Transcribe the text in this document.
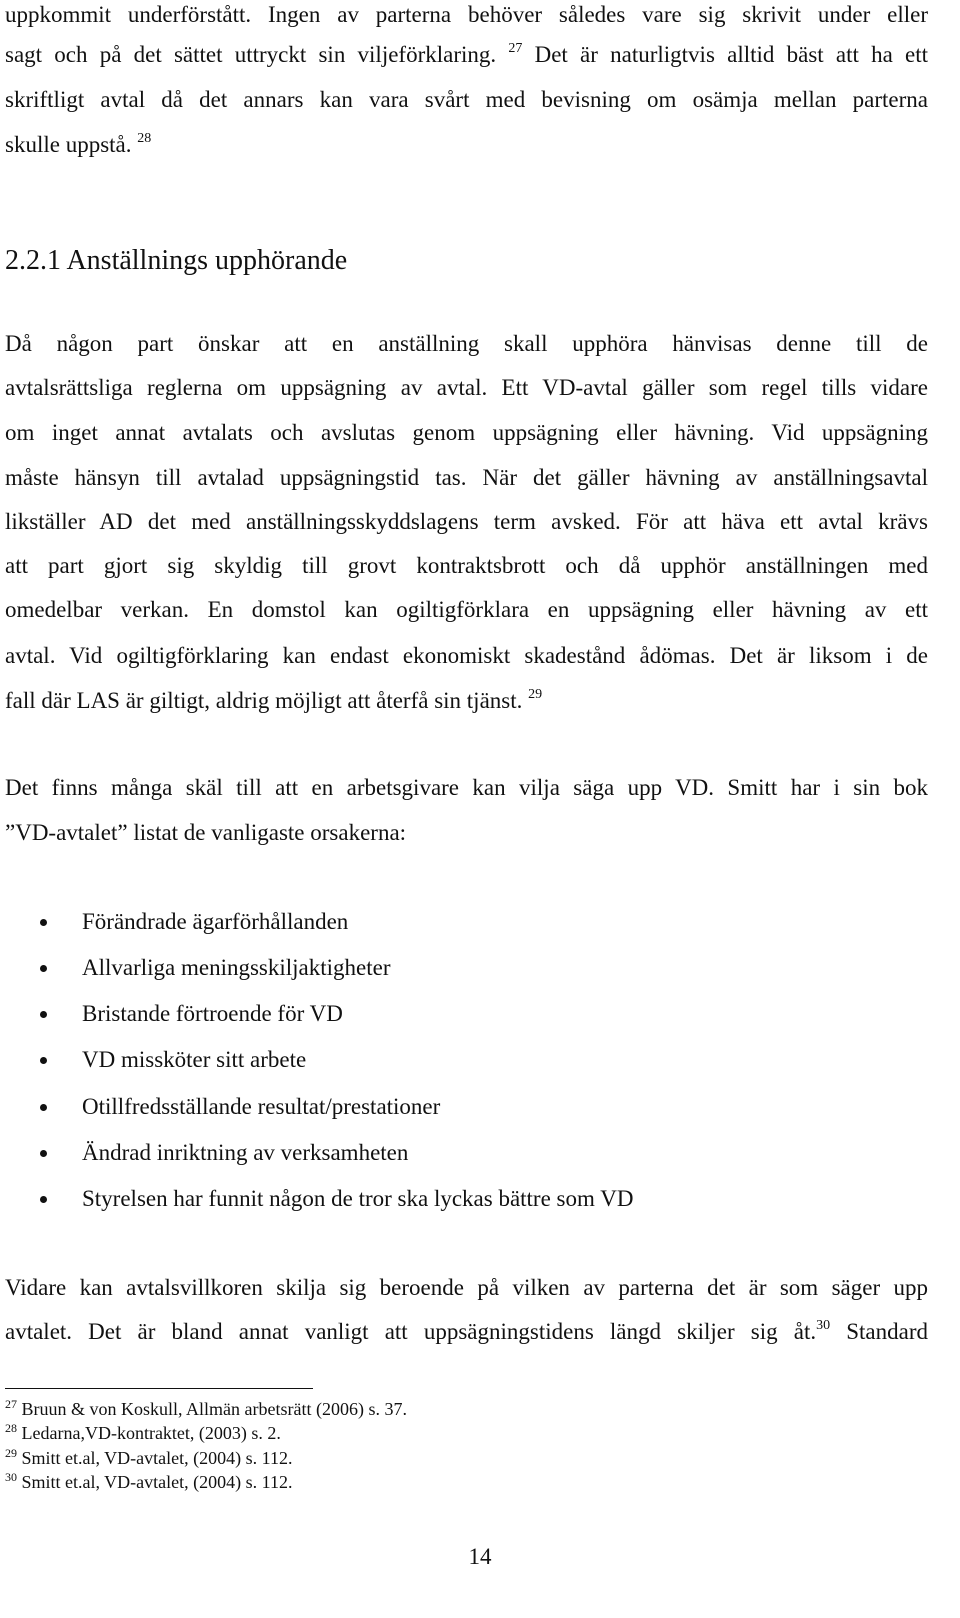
uppkommit underförstått. Ingen av parterna behöver således vare sig skrivit under eller

sagt och på det sättet uttryckt sin viljeförklaring. $^{27}$ Det är naturligtvis alltid bäst att ha ett

skriftligt avtal då det annars kan vara svårt med bevisning om osämja mellan parterna

skulle uppstå. $^{28}$

2.2.1 Anställnings upphörande

Då någon part önskar att en anställning skall upphöra hänvisas denne till de

avtalsrättsliga reglerna om uppsägning av avtal. Ett VD-avtal gäller som regel tills vidare

om inget annat avtalats och avslutas genom uppsägning eller hävning. Vid uppsägning

måste hänsyn till avtalad uppsägningstid tas. När det gäller hävning av anställningsavtal

likställer AD det med anställningsskyddslagens term avsked. För att häva ett avtal krävs

att part gjort sig skyldig till grovt kontraktsbrott och då upphör anställningen med

omedelbar verkan. En domstol kan ogiltigförklara en uppsägning eller hävning av ett

avtal. Vid ogiltigförklaring kan endast ekonomiskt skadestånd ådömas. Det är liksom i de

fall där LAS är giltigt, aldrig möjligt att återfå sin tjänst. $^{29}$

Det finns många skäl till att en arbetsgivare kan vilja säga upp VD. Smitt har i sin bok

”VD-avtalet” listat de vanligaste orsakerna:

Förändrade ägarförhållanden
Allvarliga meningsskiljaktigheter
Bristande förtroende för VD
VD missköter sitt arbete
Otillfredsställande resultat/prestationer
Ändrad inriktning av verksamheten
Styrelsen har funnit någon de tror ska lyckas bättre som VD

Vidare kan avtalsvillkoren skilja sig beroende på vilken av parterna det är som säger upp

avtalet. Det är bland annat vanligt att uppsägningstidens längd skiljer sig åt.$^{30}$ Standard

$^{27}$ Bruun & von Koskull, Allmän arbetsrätt (2006) s. 37.

$^{28}$ Ledarna,VD-kontraktet, (2003) s. 2.

$^{29}$ Smitt et.al, VD-avtalet, (2004) s. 112.

$^{30}$ Smitt et.al, VD-avtalet, (2004) s. 112.

14
